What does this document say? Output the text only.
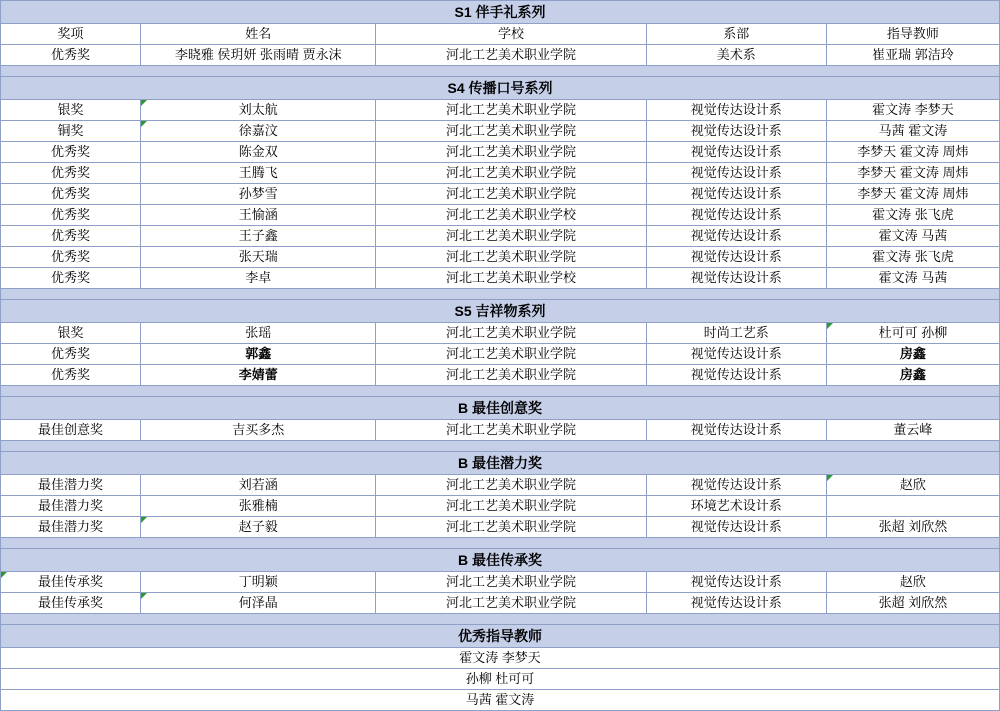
S1 伴手礼系列				
奖项	姓名	学校	系部	指导教师
优秀奖	李晓雅 侯玥妍 张雨晴 贾永沫	河北工艺美术职业学院	美术系	崔亚瑞 郭洁玲

S4 传播口号系列				
银奖	刘太航	河北工艺美术职业学院	视觉传达设计系	霍文涛 李梦天
铜奖	徐嘉汶	河北工艺美术职业学院	视觉传达设计系	马茜 霍文涛
优秀奖	陈金双	河北工艺美术职业学院	视觉传达设计系	李梦天 霍文涛 周炜
优秀奖	王腾飞	河北工艺美术职业学院	视觉传达设计系	李梦天 霍文涛 周炜
优秀奖	孙梦雪	河北工艺美术职业学院	视觉传达设计系	李梦天 霍文涛 周炜
优秀奖	王愉涵	河北工艺美术职业学校	视觉传达设计系	霍文涛 张飞虎
优秀奖	王子鑫	河北工艺美术职业学院	视觉传达设计系	霍文涛 马茜
优秀奖	张天瑞	河北工艺美术职业学院	视觉传达设计系	霍文涛 张飞虎
优秀奖	李卓	河北工艺美术职业学校	视觉传达设计系	霍文涛 马茜

S5 吉祥物系列				
银奖	张瑶	河北工艺美术职业学院	时尚工艺系	杜可可 孙柳
优秀奖	郭鑫	河北工艺美术职业学院	视觉传达设计系	房鑫
优秀奖	李婧蕾	河北工艺美术职业学院	视觉传达设计系	房鑫

B 最佳创意奖				
最佳创意奖	吉买多杰	河北工艺美术职业学院	视觉传达设计系	董云峰

B 最佳潜力奖				
最佳潜力奖	刘若涵	河北工艺美术职业学院	视觉传达设计系	赵欣
最佳潜力奖	张雅楠	河北工艺美术职业学院	环境艺术设计系	
最佳潜力奖	赵子毅	河北工艺美术职业学院	视觉传达设计系	张超 刘欣然

B 最佳传承奖				
最佳传承奖	丁明颖	河北工艺美术职业学院	视觉传达设计系	赵欣
最佳传承奖	何泽晶	河北工艺美术职业学院	视觉传达设计系	张超 刘欣然

优秀指导教师				
霍文涛 李梦天				
孙柳 杜可可				
马茜 霍文涛				
